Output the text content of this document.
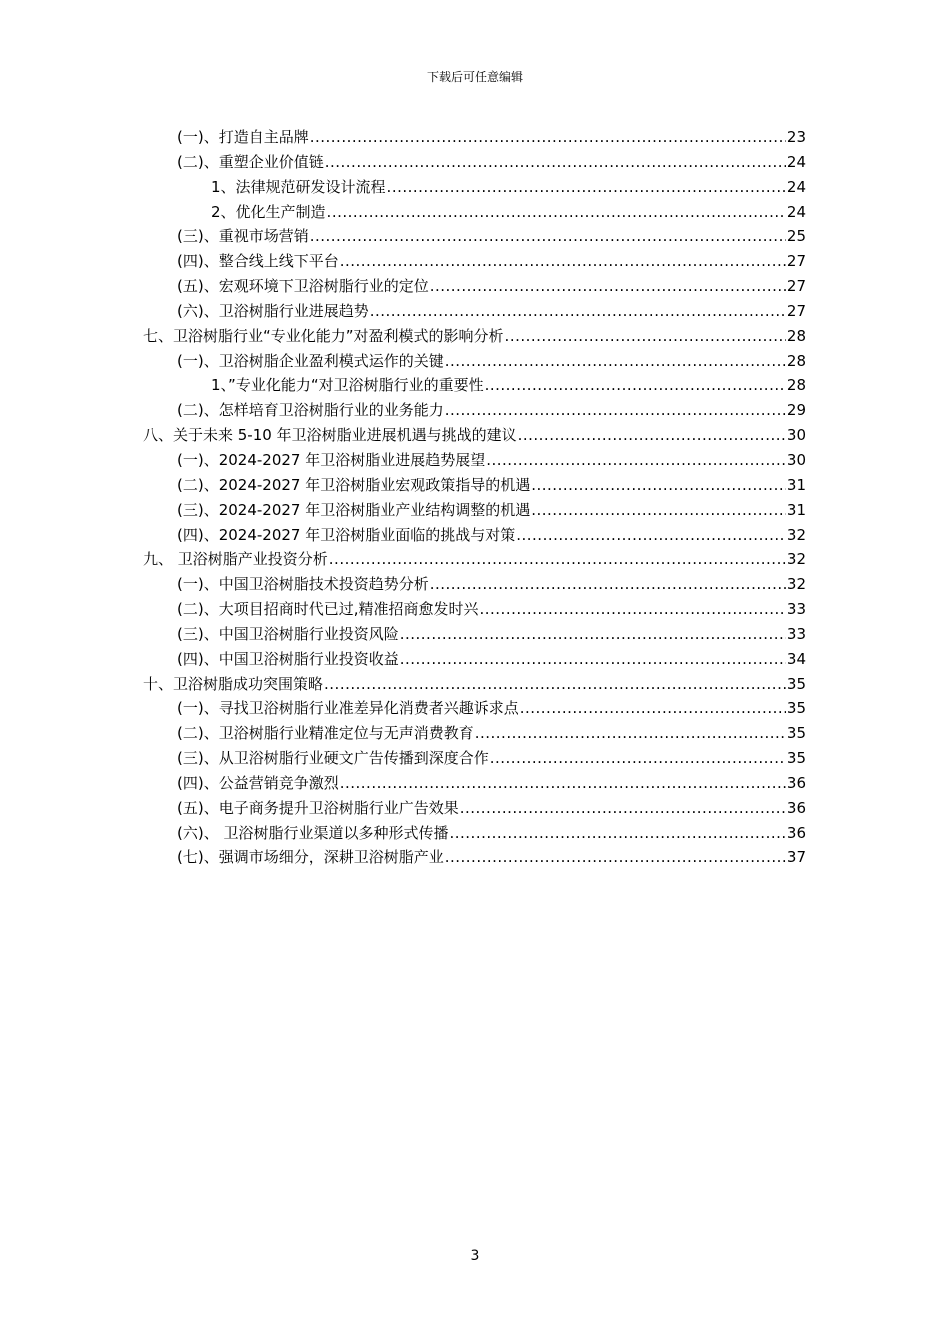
下载后可任意编辑
(一)、打造自主品牌 .....	23
(二)、重塑企业价值链 .....	24
1、法律规范研发设计流程 .....	24
2、优化生产制造 .....	24
(三)、重视市场营销 .....	25
(四)、整合线上线下平台 .....	27
(五)、宏观环境下卫浴树脂行业的定位 .....	27
(六)、卫浴树脂行业进展趋势 .....	27
七、卫浴树脂行业“专业化能力”对盈利模式的影响分析 .....	28
(一)、卫浴树脂企业盈利模式运作的关键 .....	28
1、”专业化能力“对卫浴树脂行业的重要性 .....	28
(二)、怎样培育卫浴树脂行业的业务能力 .....	29
八、关于未来 5-10 年卫浴树脂业进展机遇与挑战的建议 .....	30
(一)、2024-2027 年卫浴树脂业进展趋势展望 .....	30
(二)、2024-2027 年卫浴树脂业宏观政策指导的机遇 .....	31
(三)、2024-2027 年卫浴树脂业产业结构调整的机遇 .....	31
(四)、2024-2027 年卫浴树脂业面临的挑战与对策 .....	32
九、 卫浴树脂产业投资分析 .....	32
(一)、中国卫浴树脂技术投资趋势分析 .....	32
(二)、大项目招商时代已过,精准招商愈发时兴 .....	33
(三)、中国卫浴树脂行业投资风险 .....	33
(四)、中国卫浴树脂行业投资收益 .....	34
十、卫浴树脂成功突围策略 .....	35
(一)、寻找卫浴树脂行业准差异化消费者兴趣诉求点 .....	35
(二)、卫浴树脂行业精准定位与无声消费教育 .....	35
(三)、从卫浴树脂行业硬文广告传播到深度合作 .....	35
(四)、公益营销竞争激烈 .....	36
(五)、电子商务提升卫浴树脂行业广告效果 .....	36
(六)、 卫浴树脂行业渠道以多种形式传播 .....	36
(七)、强调市场细分，深耕卫浴树脂产业 .....	37
3
